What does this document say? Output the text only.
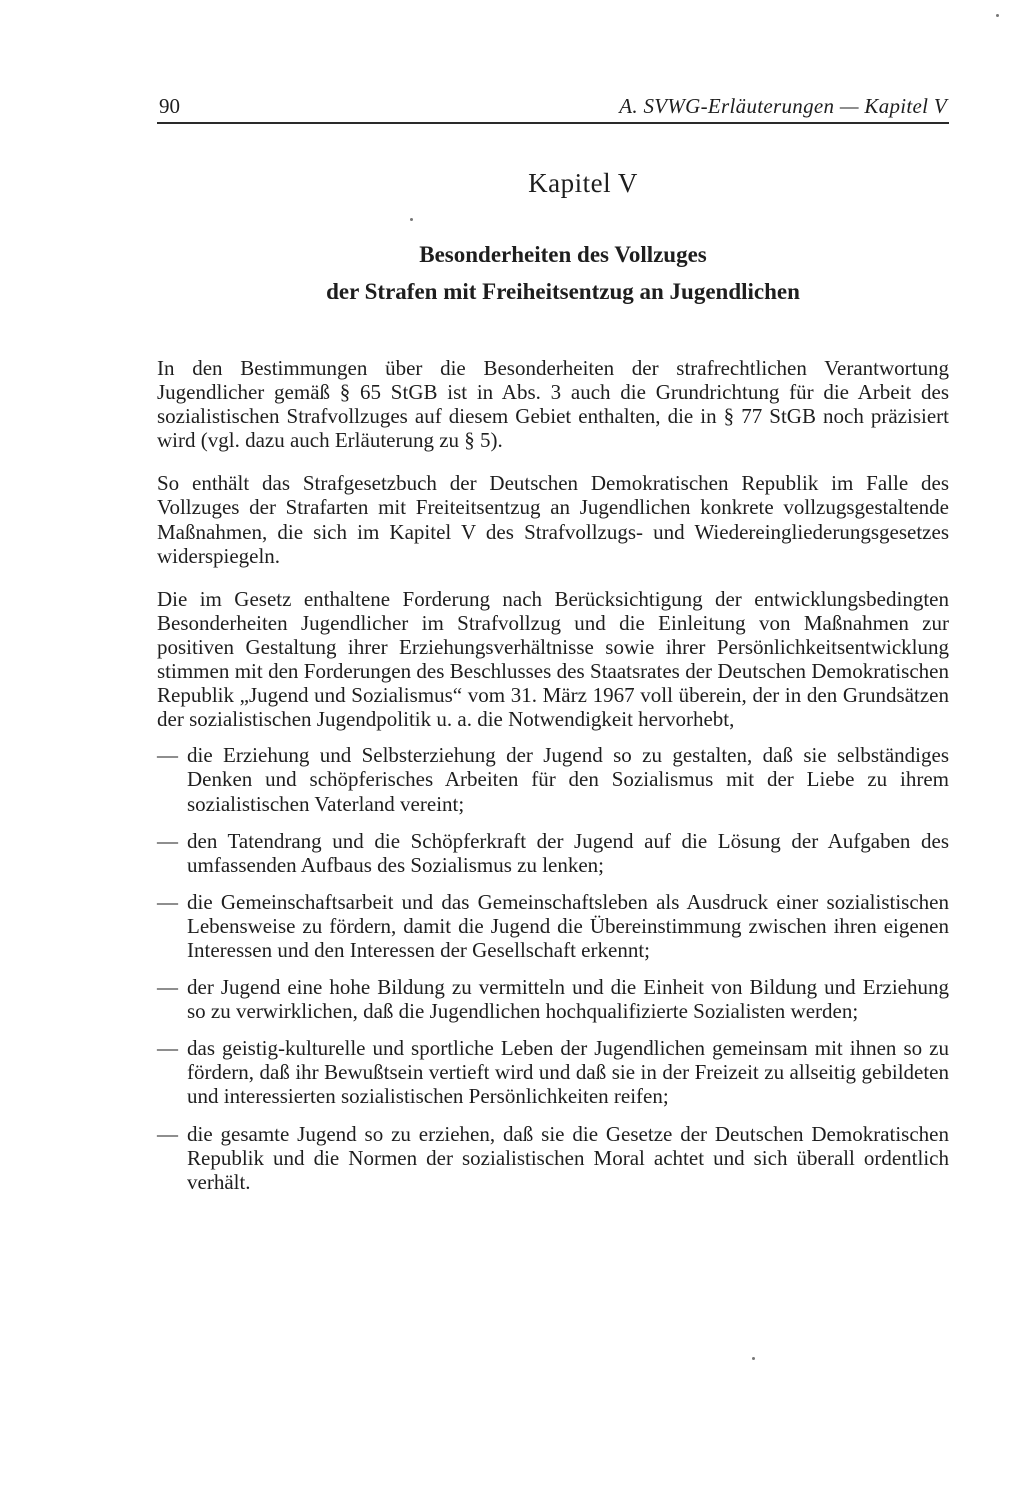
90	A. SVWG-Erläuterungen — Kapitel V
Kapitel V
Besonderheiten des Vollzuges
der Strafen mit Freiheitsentzug an Jugendlichen

In den Bestimmungen über die Besonderheiten der strafrechtlichen Verantwortung Jugendlicher gemäß § 65 StGB ist in Abs. 3 auch die Grundrichtung für die Arbeit des sozialistischen Strafvollzuges auf diesem Gebiet enthalten, die in § 77 StGB noch präzisiert wird (vgl. dazu auch Erläuterung zu § 5).

So enthält das Strafgesetzbuch der Deutschen Demokratischen Republik im Falle des Vollzuges der Strafarten mit Freiteitsentzug an Jugendlichen konkrete vollzugsgestaltende Maßnahmen, die sich im Kapitel V des Strafvollzugs- und Wiedereingliederungsgesetzes widerspiegeln.

Die im Gesetz enthaltene Forderung nach Berücksichtigung der entwicklungsbedingten Besonderheiten Jugendlicher im Strafvollzug und die Einleitung von Maßnahmen zur positiven Gestaltung ihrer Erziehungsverhältnisse sowie ihrer Persönlichkeitsentwicklung stimmen mit den Forderungen des Beschlusses des Staatsrates der Deutschen Demokratischen Republik „Jugend und Sozialismus“ vom 31. März 1967 voll überein, der in den Grundsätzen der sozialistischen Jugendpolitik u. a. die Notwendigkeit hervorhebt,

— die Erziehung und Selbsterziehung der Jugend so zu gestalten, daß sie selbständiges Denken und schöpferisches Arbeiten für den Sozialismus mit der Liebe zu ihrem sozialistischen Vaterland vereint;
— den Tatendrang und die Schöpferkraft der Jugend auf die Lösung der Aufgaben des umfassenden Aufbaus des Sozialismus zu lenken;
— die Gemeinschaftsarbeit und das Gemeinschaftsleben als Ausdruck einer sozialistischen Lebensweise zu fördern, damit die Jugend die Übereinstimmung zwischen ihren eigenen Interessen und den Interessen der Gesellschaft erkennt;
— der Jugend eine hohe Bildung zu vermitteln und die Einheit von Bildung und Erziehung so zu verwirklichen, daß die Jugendlichen hochqualifizierte Sozialisten werden;
— das geistig-kulturelle und sportliche Leben der Jugendlichen gemeinsam mit ihnen so zu fördern, daß ihr Bewußtsein vertieft wird und daß sie in der Freizeit zu allseitig gebildeten und interessierten sozialistischen Persönlichkeiten reifen;
— die gesamte Jugend so zu erziehen, daß sie die Gesetze der Deutschen Demokratischen Republik und die Normen der sozialistischen Moral achtet und sich überall ordentlich verhält.
